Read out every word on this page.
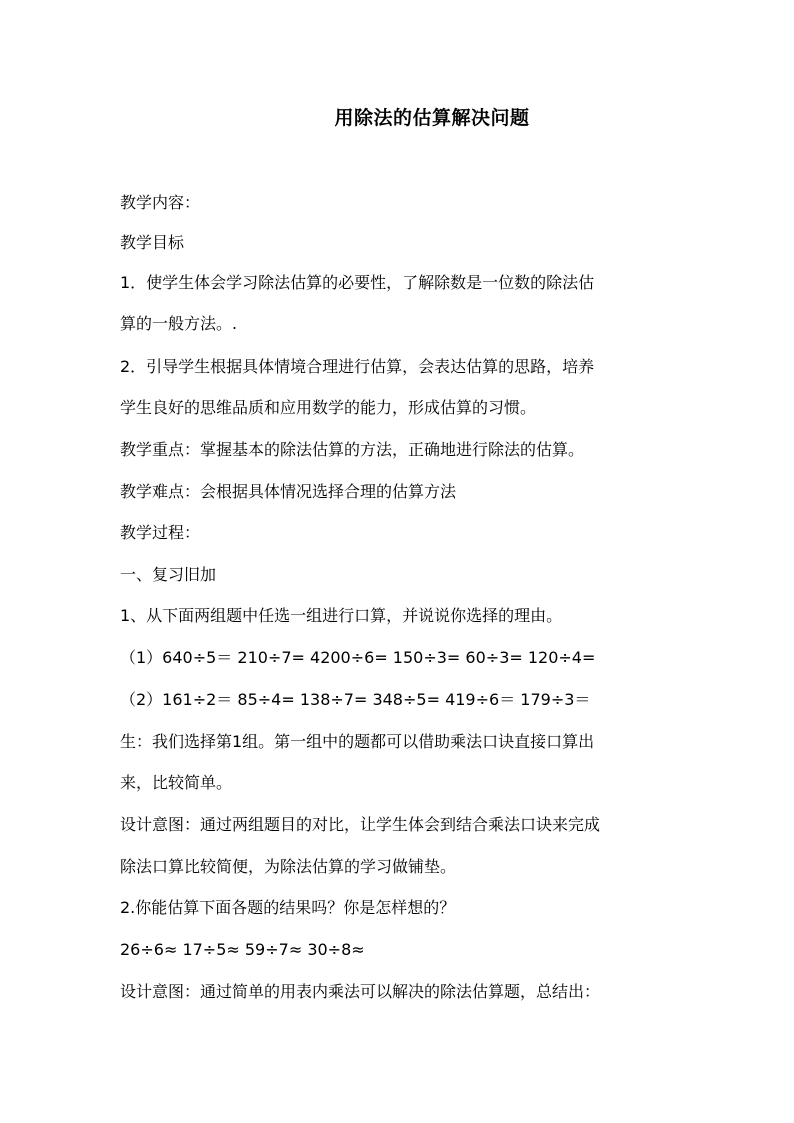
用除法的估算解决问题
教学内容：
教学目标
1．使学生体会学习除法估算的必要性，了解除数是一位数的除法估
算的一般方法。.
2．引导学生根据具体情境合理进行估算，会表达估算的思路，培养
学生良好的思维品质和应用数学的能力，形成估算的习惯。
教学重点：掌握基本的除法估算的方法，正确地进行除法的估算。
教学难点：会根据具体情况选择合理的估算方法
教学过程：
一、复习旧加
1、从下面两组题中任选一组进行口算，并说说你选择的理由。
（1）640÷5＝ 210÷7= 4200÷6= 150÷3= 60÷3= 120÷4=
（2）161÷2＝ 85÷4= 138÷7= 348÷5= 419÷6＝ 179÷3＝
生：我们选择第1组。第一组中的题都可以借助乘法口诀直接口算出
来，比较简单。
设计意图：通过两组题目的对比，让学生体会到结合乘法口诀来完成
除法口算比较简便，为除法估算的学习做铺垫。
2.你能估算下面各题的结果吗？你是怎样想的？
26÷6≈ 17÷5≈ 59÷7≈ 30÷8≈
设计意图：通过简单的用表内乘法可以解决的除法估算题，总结出：
